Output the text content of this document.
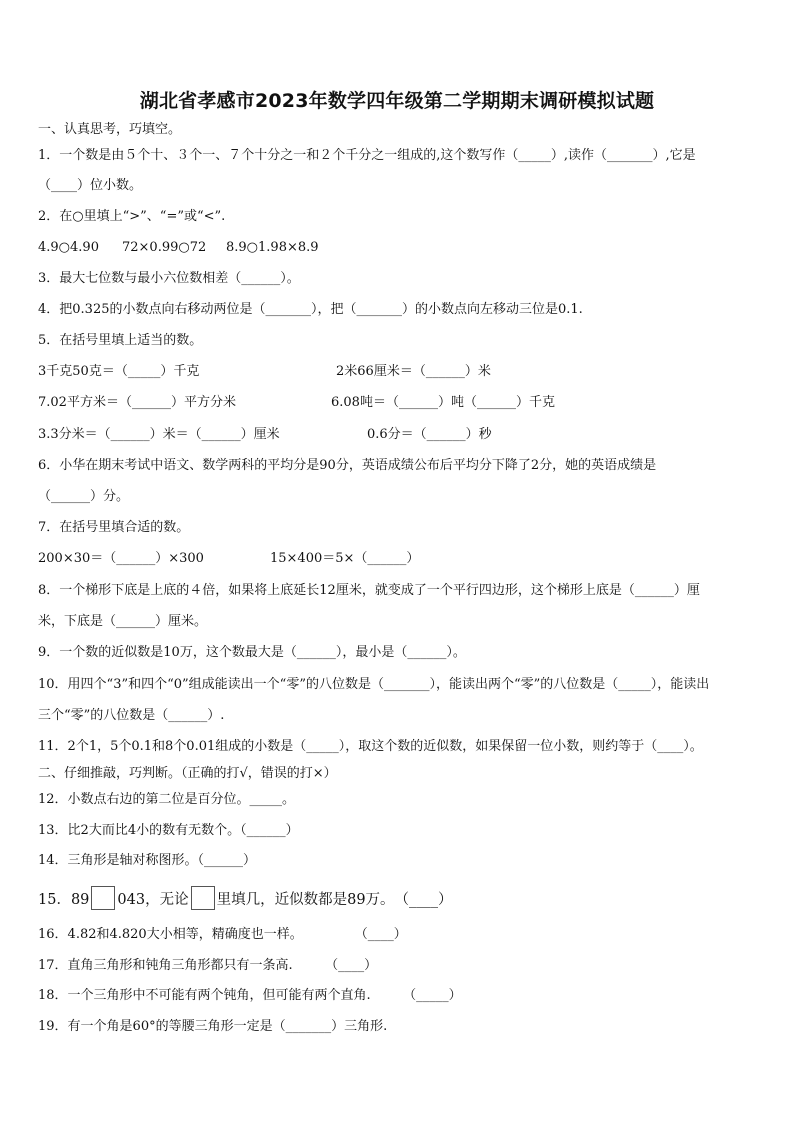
湖北省孝感市2023年数学四年级第二学期期末调研模拟试题
一、认真思考，巧填空。
1．一个数是由５个十、３个一、７个十分之一和２个千分之一组成的,这个数写作（_____）,读作（_______）,它是
（____）位小数。
2．在○里填上“>”、“=”或“<”.
4.9○4.90 72×0.99○72 8.9○1.98×8.9
3．最大七位数与最小六位数相差（______）。
4．把0.325的小数点向右移动两位是（_______），把（_______）的小数点向左移动三位是0.1.
5．在括号里填上适当的数。
3千克50克＝（_____）千克	2米66厘米＝（______）米
7.02平方米＝（______）平方分米	6.08吨＝（______）吨（______）千克
3.3分米＝（______）米＝（______）厘米	0.6分＝（______）秒
6．小华在期末考试中语文、数学两科的平均分是90分，英语成绩公布后平均分下降了2分，她的英语成绩是
（______）分。
7．在括号里填合适的数。
200×30＝（______）×300	15×400＝5×（______）
8．一个梯形下底是上底的４倍，如果将上底延长12厘米，就变成了一个平行四边形，这个梯形上底是（______）厘
米，下底是（______）厘米。
9．一个数的近似数是10万，这个数最大是（______），最小是（______）。
10．用四个“3”和四个“0”组成能读出一个“零”的八位数是（_______），能读出两个“零”的八位数是（_____），能读出
三个“零”的八位数是（______）.
11．2个1，5个0.1和8个0.01组成的小数是（_____），取这个数的近似数，如果保留一位小数，则约等于（____）。
二、仔细推敲，巧判断。（正确的打√，错误的打×）
12．小数点右边的第二位是百分位。_____。
13．比2大而比4小的数有无数个。（______）
14．三角形是轴对称图形。（______）
15．89 043，无论 里填几，近似数都是89万。　（____）
16．4.82和4.820大小相等，精确度也一样。　　　　　（____）
17．直角三角形和钝角三角形都只有一条高.　　　（____）
18．一个三角形中不可能有两个钝角，但可能有两个直角.　　　（_____）
19．有一个角是60°的等腰三角形一定是（_______）三角形.
